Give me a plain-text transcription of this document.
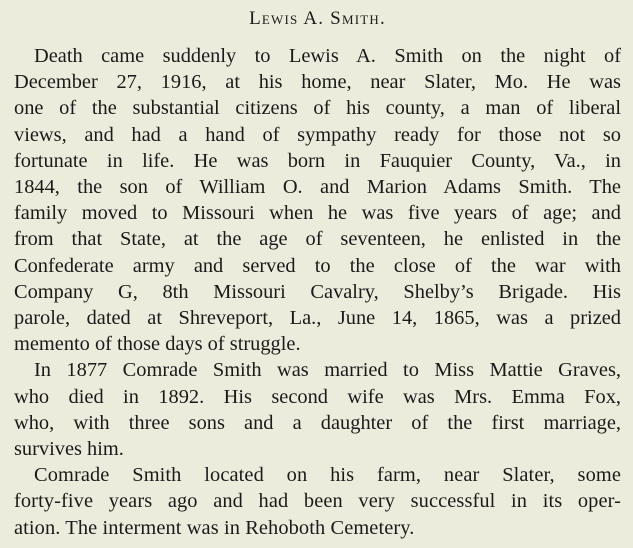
Lewis A. Smith.

Death came suddenly to Lewis A. Smith on the night of
December 27, 1916, at his home, near Slater, Mo. He was
one of the substantial citizens of his county, a man of liberal
views, and had a hand of sympathy ready for those not so
fortunate in life. He was born in Fauquier County, Va., in
1844, the son of William O. and Marion Adams Smith. The
family moved to Missouri when he was five years of age; and
from that State, at the age of seventeen, he enlisted in the
Confederate army and served to the close of the war with
Company G, 8th Missouri Cavalry, Shelby’s Brigade. His
parole, dated at Shreveport, La., June 14, 1865, was a prized
memento of those days of struggle.

In 1877 Comrade Smith was married to Miss Mattie Graves,
who died in 1892. His second wife was Mrs. Emma Fox,
who, with three sons and a daughter of the first marriage,
survives him.

Comrade Smith located on his farm, near Slater, some
forty-five years ago and had been very successful in its oper-
ation. The interment was in Rehoboth Cemetery.
